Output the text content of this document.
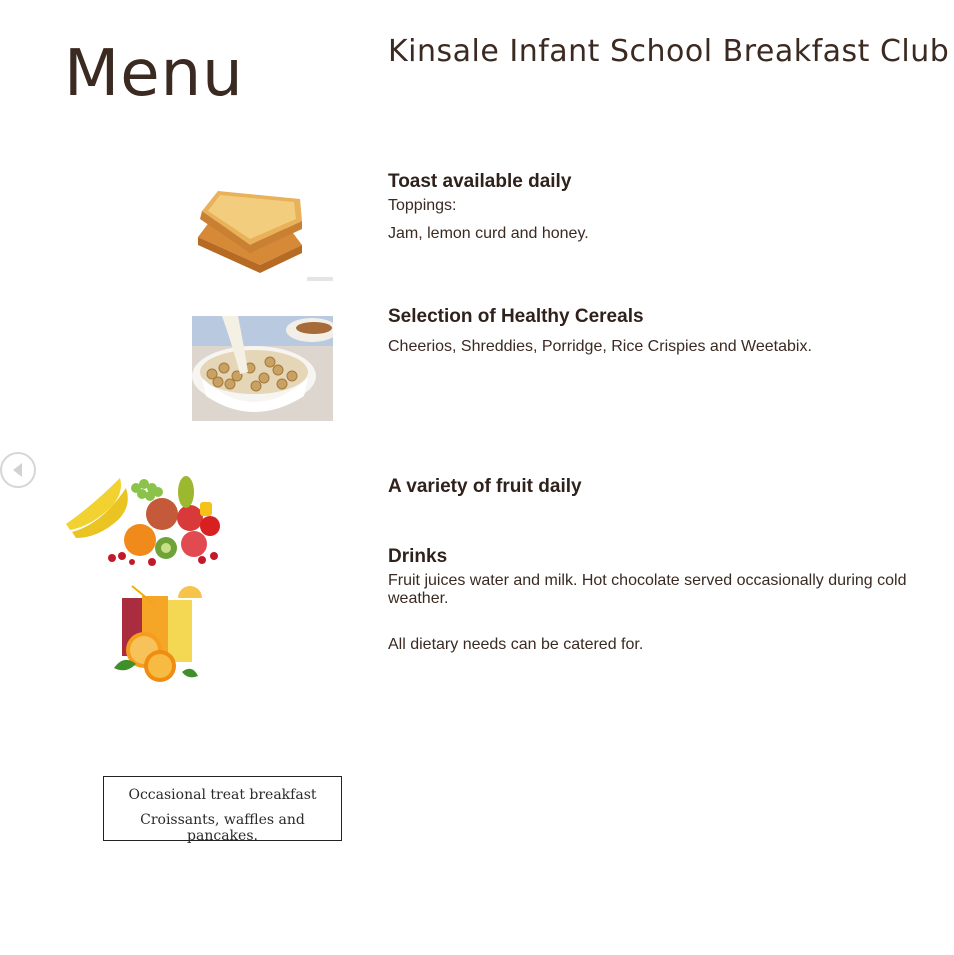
Menu	Kinsale Infant School Breakfast Club
Toast available daily

Toppings:

Jam, lemon curd and honey.

Selection of Healthy Cereals

Cheerios, Shreddies, Porridge, Rice Crispies and Weetabix.

A variety of fruit daily
Drinks

Fruit juices water and milk. Hot chocolate served occasionally during cold weather.

All dietary needs can be catered for.

Occasional treat breakfast
Croissants, waffles and pancakes.
